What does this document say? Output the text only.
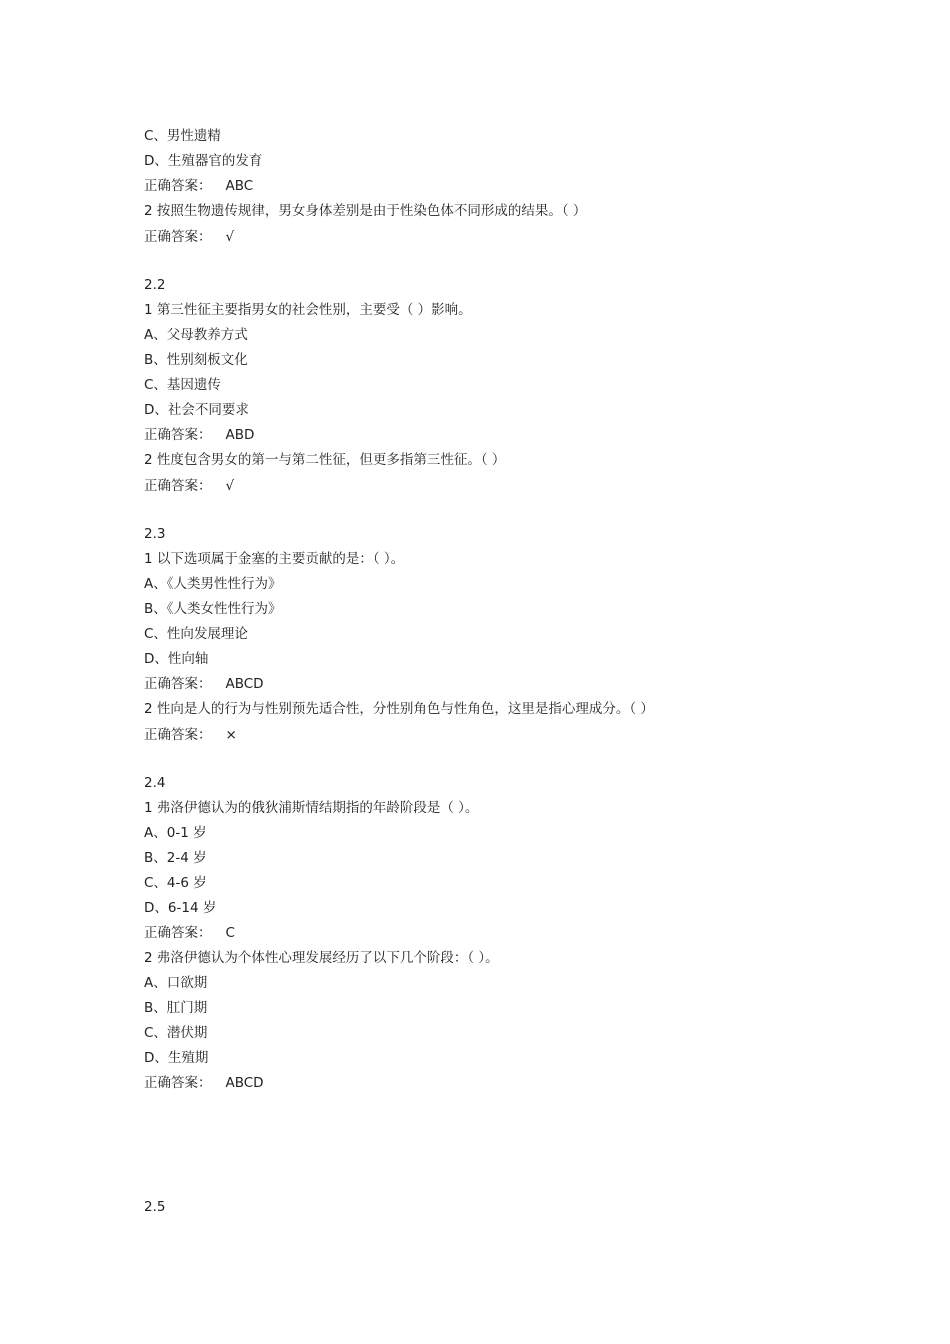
C、男性遗精
D、生殖器官的发育
正确答案： ABC
2 按照生物遗传规律，男女身体差别是由于性染色体不同形成的结果。（ ）
正确答案： √
2.2
1 第三性征主要指男女的社会性别，主要受（ ）影响。
A、父母教养方式
B、性别刻板文化
C、基因遗传
D、社会不同要求
正确答案： ABD
2 性度包含男女的第一与第二性征，但更多指第三性征。（ ）
正确答案： √
2.3
1 以下选项属于金塞的主要贡献的是：（ ）。
A、《人类男性性行为》
B、《人类女性性行为》
C、性向发展理论
D、性向轴
正确答案： ABCD
2 性向是人的行为与性别预先适合性，分性别角色与性角色，这里是指心理成分。（ ）
正确答案： ×
2.4
1 弗洛伊德认为的俄狄浦斯情结期指的年龄阶段是（ ）。
A、0-1 岁
B、2-4 岁
C、4-6 岁
D、6-14 岁
正确答案： C
2 弗洛伊德认为个体性心理发展经历了以下几个阶段：（ ）。
A、口欲期
B、肛门期
C、潜伏期
D、生殖期
正确答案： ABCD
2.5
